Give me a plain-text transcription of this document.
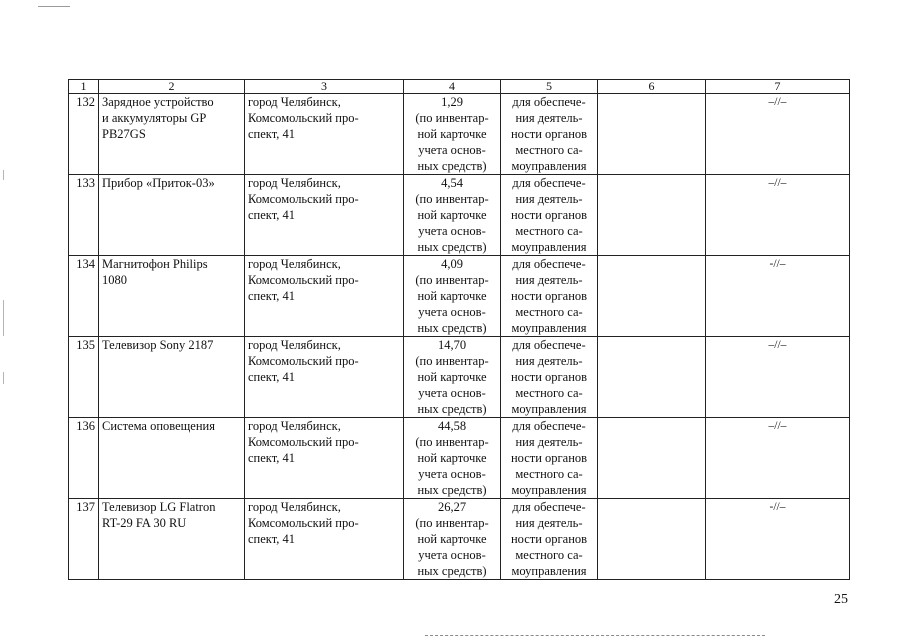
1	2	3	4	5	6	7
132	Зарядное устройство
и аккумуляторы GP
PB27GS	город Челябинск,
Комсомольский про-
спект, 41	1,29
(по инвентар-
ной карточке
учета основ-
ных средств)	для обеспече-
ния деятель-
ности органов
местного са-
моуправления		–//–
133	Прибор «Приток-03»	город Челябинск,
Комсомольский про-
спект, 41	4,54
(по инвентар-
ной карточке
учета основ-
ных средств)	для обеспече-
ния деятель-
ности органов
местного са-
моуправления		–//–
134	Магнитофон Philips
1080	город Челябинск,
Комсомольский про-
спект, 41	4,09
(по инвентар-
ной карточке
учета основ-
ных средств)	для обеспече-
ния деятель-
ности органов
местного са-
моуправления		-//–
135	Телевизор Sony 2187	город Челябинск,
Комсомольский про-
спект, 41	14,70
(по инвентар-
ной карточке
учета основ-
ных средств)	для обеспече-
ния деятель-
ности органов
местного са-
моуправления		–//–
136	Система оповещения	город Челябинск,
Комсомольский про-
спект, 41	44,58
(по инвентар-
ной карточке
учета основ-
ных средств)	для обеспече-
ния деятель-
ности органов
местного са-
моуправления		–//–
137	Телевизор LG Flatron
RT-29 FA 30 RU	город Челябинск,
Комсомольский про-
спект, 41	26,27
(по инвентар-
ной карточке
учета основ-
ных средств)	для обеспече-
ния деятель-
ности органов
местного са-
моуправления		-//–
25
